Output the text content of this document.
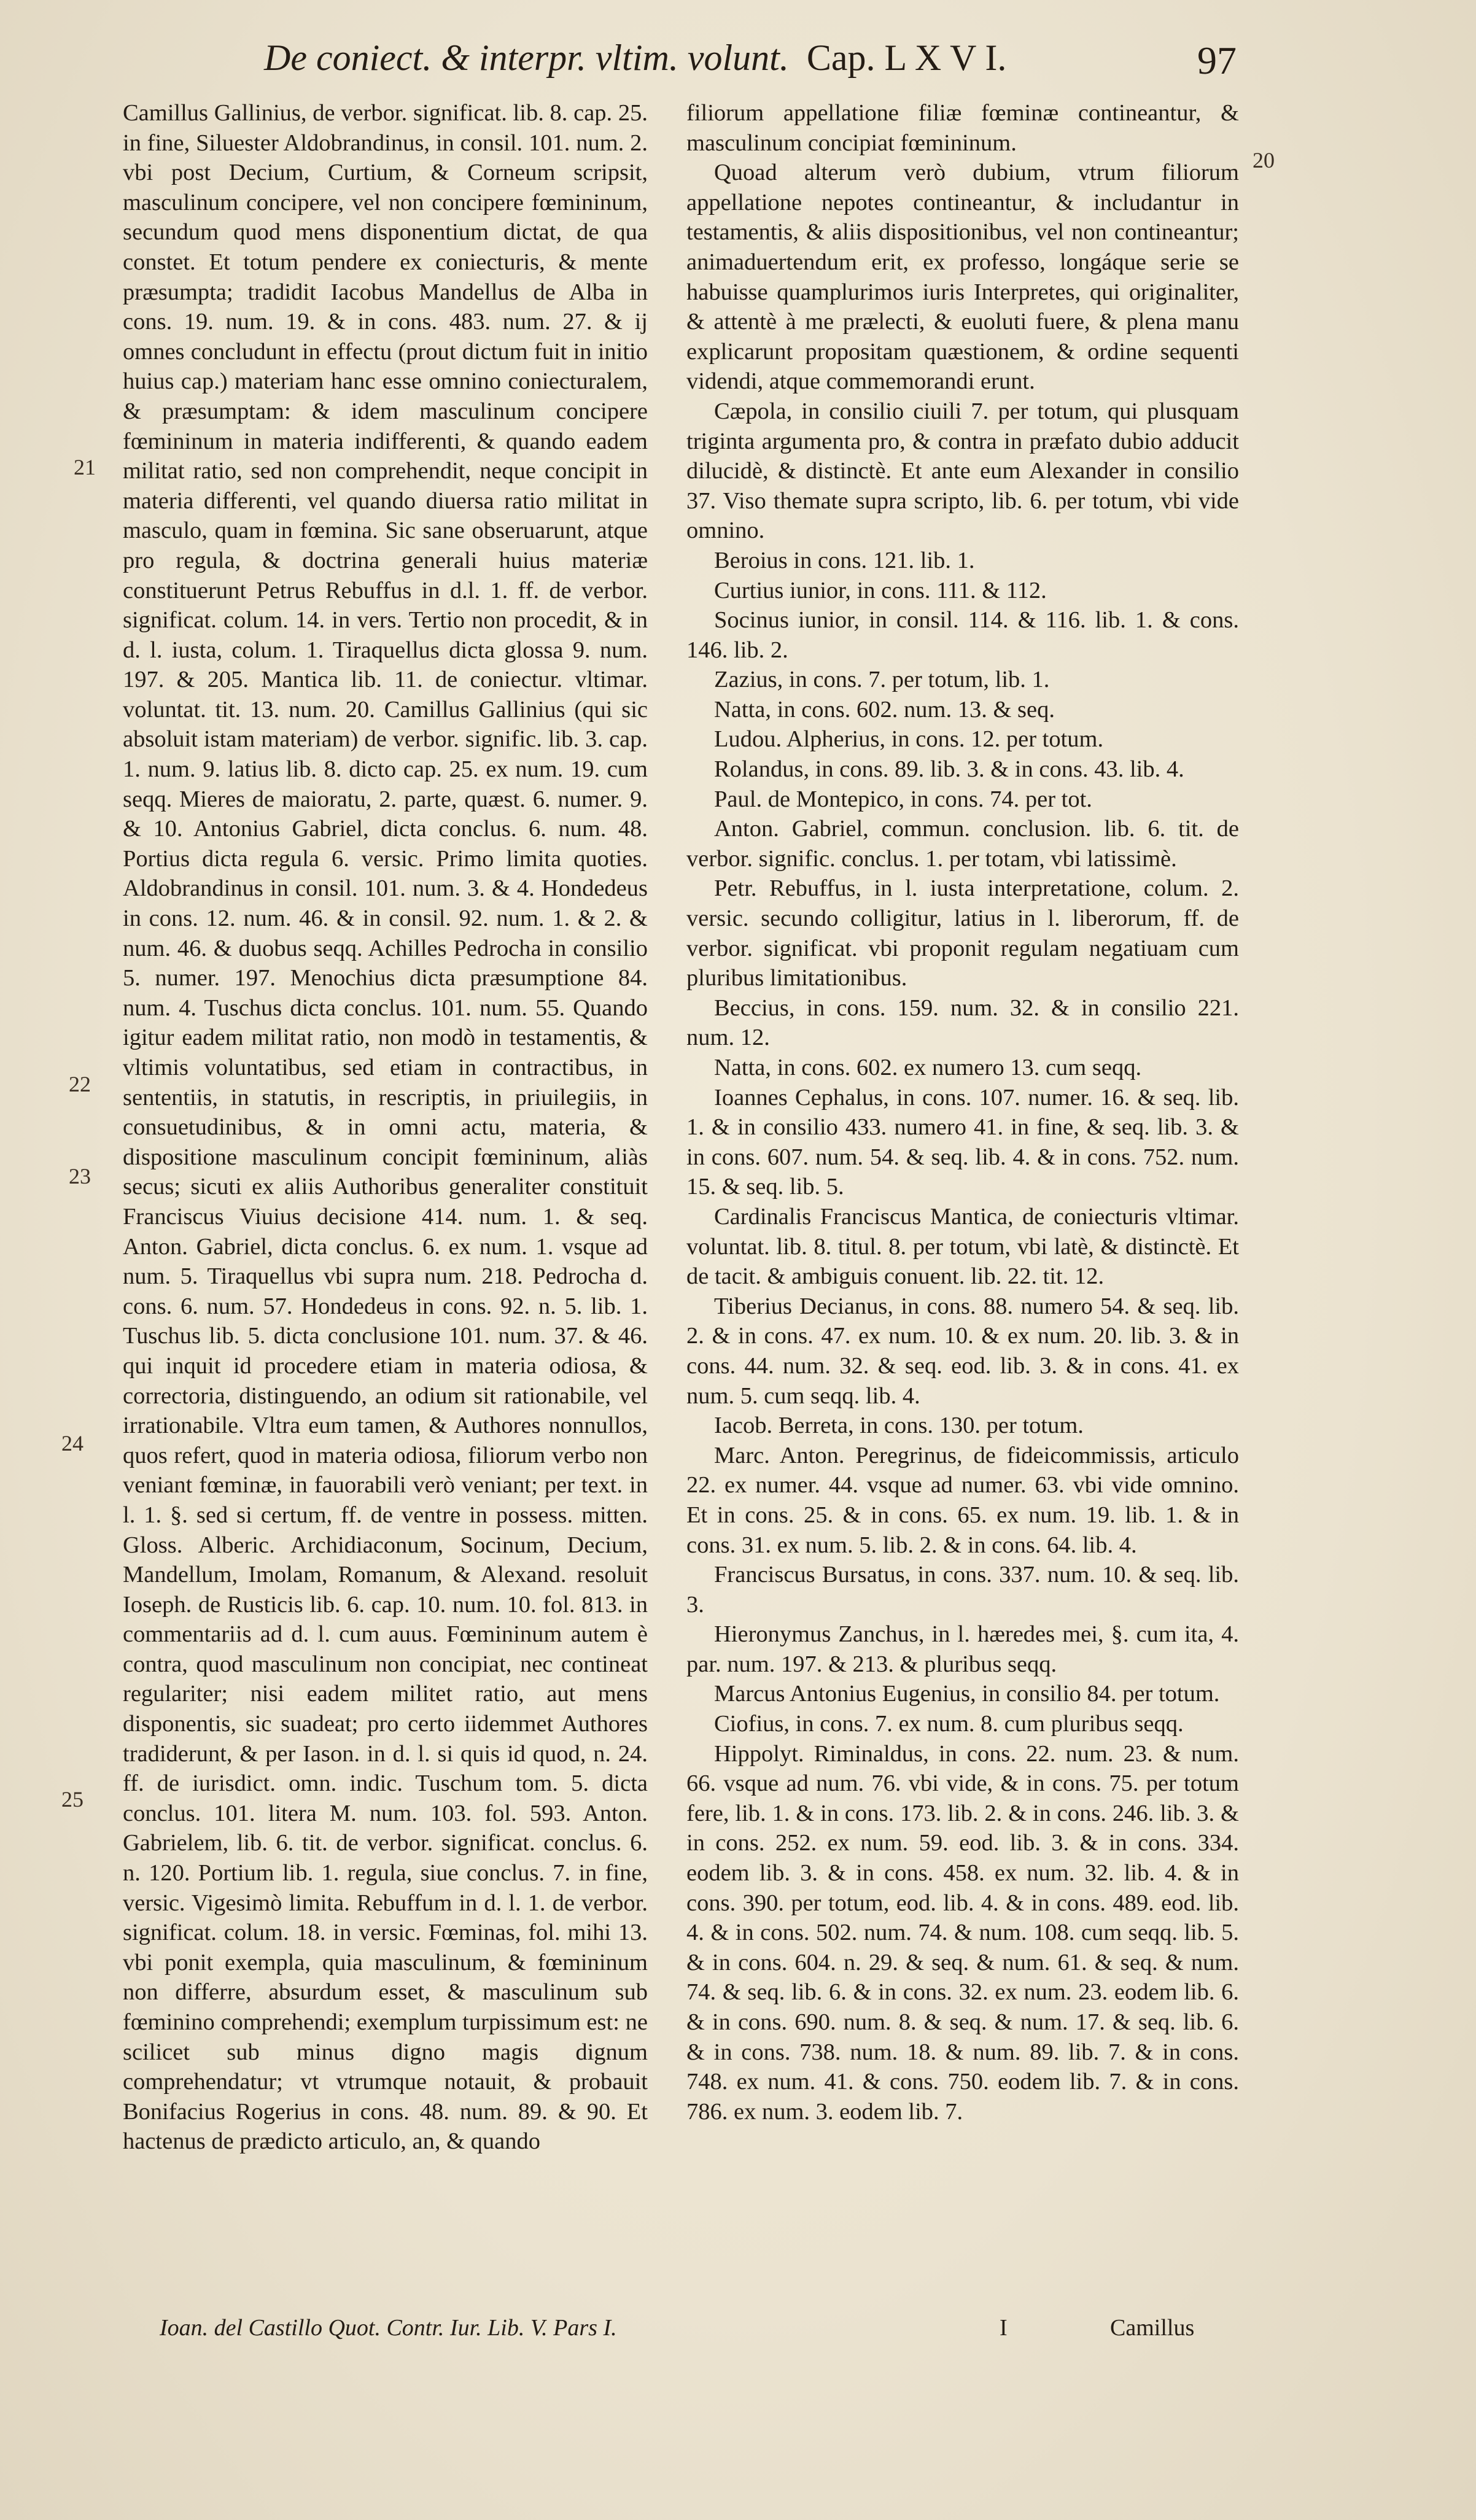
De coniect. & interpr. vltim. volunt. Cap. L X V I.	97
20
21
22
23
24
25

Camillus Gallinius, de verbor. significat. lib. 8. cap. 25. in fine, Siluester Aldobrandinus, in consil. 101. num. 2. vbi post Decium, Curtium, & Corneum scripsit, masculinum concipere, vel non concipere fœmininum, secundum quod mens disponentium dictat, de qua constet. Et totum pendere ex coniecturis, & mente præsumpta; tradidit Iacobus Mandellus de Alba in cons. 19. num. 19. & in cons. 483. num. 27. & ij omnes concludunt in effectu (prout dictum fuit in initio huius cap.) materiam hanc esse omnino coniecturalem, & præsumptam: & idem masculinum concipere fœmininum in materia indifferenti, & quando eadem militat ratio, sed non comprehendit, neque concipit in materia differenti, vel quando diuersa ratio militat in masculo, quam in fœmina. Sic sane obseruarunt, atque pro regula, & doctrina generali huius materiæ constituerunt Petrus Rebuffus in d.l. 1. ff. de verbor. significat. colum. 14. in vers. Tertio non procedit, & in d. l. iusta, colum. 1. Tiraquellus dicta glossa 9. num. 197. & 205. Mantica lib. 11. de coniectur. vltimar. voluntat. tit. 13. num. 20. Camillus Gallinius (qui sic absoluit istam materiam) de verbor. signific. lib. 3. cap. 1. num. 9. latius lib. 8. dicto cap. 25. ex num. 19. cum seqq. Mieres de maioratu, 2. parte, quæst. 6. numer. 9. & 10. Antonius Gabriel, dicta conclus. 6. num. 48. Portius dicta regula 6. versic. Primo limita quoties. Aldobrandinus in consil. 101. num. 3. & 4. Hondedeus in cons. 12. num. 46. & in consil. 92. num. 1. & 2. & num. 46. & duobus seqq. Achilles Pedrocha in consilio 5. numer. 197. Menochius dicta præsumptione 84. num. 4. Tuschus dicta conclus. 101. num. 55. Quando igitur eadem militat ratio, non modò in testamentis, & vltimis voluntatibus, sed etiam in contractibus, in sententiis, in statutis, in rescriptis, in priuilegiis, in consuetudinibus, & in omni actu, materia, & dispositione masculinum concipit fœmininum, aliàs secus; sicuti ex aliis Authoribus generaliter constituit Franciscus Viuius decisione 414. num. 1. & seq. Anton. Gabriel, dicta conclus. 6. ex num. 1. vsque ad num. 5. Tiraquellus vbi supra num. 218. Pedrocha d. cons. 6. num. 57. Hondedeus in cons. 92. n. 5. lib. 1. Tuschus lib. 5. dicta conclusione 101. num. 37. & 46. qui inquit id procedere etiam in materia odiosa, & correctoria, distinguendo, an odium sit rationabile, vel irrationabile. Vltra eum tamen, & Authores nonnullos, quos refert, quod in materia odiosa, filiorum verbo non veniant fœminæ, in fauorabili verò veniant; per text. in l. 1. §. sed si certum, ff. de ventre in possess. mitten. Gloss. Alberic. Archidiaconum, Socinum, Decium, Mandellum, Imolam, Romanum, & Alexand. resoluit Ioseph. de Rusticis lib. 6. cap. 10. num. 10. fol. 813. in commentariis ad d. l. cum auus. Fœmininum autem è contra, quod masculinum non concipiat, nec contineat regulariter; nisi eadem militet ratio, aut mens disponentis, sic suadeat; pro certo iidemmet Authores tradiderunt, & per Iason. in d. l. si quis id quod, n. 24. ff. de iurisdict. omn. indic. Tuschum tom. 5. dicta conclus. 101. litera M. num. 103. fol. 593. Anton. Gabrielem, lib. 6. tit. de verbor. significat. conclus. 6. n. 120. Portium lib. 1. regula, siue conclus. 7. in fine, versic. Vigesimò limita. Rebuffum in d. l. 1. de verbor. significat. colum. 18. in versic. Fœminas, fol. mihi 13. vbi ponit exempla, quia masculinum, & fœmininum non differre, absurdum esset, & masculinum sub fœminino comprehendi; exemplum turpissimum est: ne scilicet sub minus digno magis dignum comprehendatur; vt vtrumque notauit, & probauit Bonifacius Rogerius in cons. 48. num. 89. & 90. Et hactenus de prædicto articulo, an, & quando

filiorum appellatione filiæ fœminæ contineantur, & masculinum concipiat fœmininum.

Quoad alterum verò dubium, vtrum filiorum appellatione nepotes contineantur, & includantur in testamentis, & aliis dispositionibus, vel non contineantur; animaduertendum erit, ex professo, longáque serie se habuisse quamplurimos iuris Interpretes, qui originaliter, & attentè à me prælecti, & euoluti fuere, & plena manu explicarunt propositam quæstionem, & ordine sequenti videndi, atque commemorandi erunt.

Cæpola, in consilio ciuili 7. per totum, qui plusquam triginta argumenta pro, & contra in præfato dubio adducit dilucidè, & distinctè. Et ante eum Alexander in consilio 37. Viso themate supra scripto, lib. 6. per totum, vbi vide omnino.

Beroius in cons. 121. lib. 1.

Curtius iunior, in cons. 111. & 112.

Socinus iunior, in consil. 114. & 116. lib. 1. & cons. 146. lib. 2.

Zazius, in cons. 7. per totum, lib. 1.

Natta, in cons. 602. num. 13. & seq.

Ludou. Alpherius, in cons. 12. per totum.

Rolandus, in cons. 89. lib. 3. & in cons. 43. lib. 4.

Paul. de Montepico, in cons. 74. per tot.

Anton. Gabriel, commun. conclusion. lib. 6. tit. de verbor. signific. conclus. 1. per totam, vbi latissimè.

Petr. Rebuffus, in l. iusta interpretatione, colum. 2. versic. secundo colligitur, latius in l. liberorum, ff. de verbor. significat. vbi proponit regulam negatiuam cum pluribus limitationibus.

Beccius, in cons. 159. num. 32. & in consilio 221. num. 12.

Natta, in cons. 602. ex numero 13. cum seqq.

Ioannes Cephalus, in cons. 107. numer. 16. & seq. lib. 1. & in consilio 433. numero 41. in fine, & seq. lib. 3. & in cons. 607. num. 54. & seq. lib. 4. & in cons. 752. num. 15. & seq. lib. 5.

Cardinalis Franciscus Mantica, de coniecturis vltimar. voluntat. lib. 8. titul. 8. per totum, vbi latè, & distinctè. Et de tacit. & ambiguis conuent. lib. 22. tit. 12.

Tiberius Decianus, in cons. 88. numero 54. & seq. lib. 2. & in cons. 47. ex num. 10. & ex num. 20. lib. 3. & in cons. 44. num. 32. & seq. eod. lib. 3. & in cons. 41. ex num. 5. cum seqq. lib. 4.

Iacob. Berreta, in cons. 130. per totum.

Marc. Anton. Peregrinus, de fideicommissis, articulo 22. ex numer. 44. vsque ad numer. 63. vbi vide omnino. Et in cons. 25. & in cons. 65. ex num. 19. lib. 1. & in cons. 31. ex num. 5. lib. 2. & in cons. 64. lib. 4.

Franciscus Bursatus, in cons. 337. num. 10. & seq. lib. 3.

Hieronymus Zanchus, in l. hæredes mei, §. cum ita, 4. par. num. 197. & 213. & pluribus seqq.

Marcus Antonius Eugenius, in consilio 84. per totum.

Ciofius, in cons. 7. ex num. 8. cum pluribus seqq.

Hippolyt. Riminaldus, in cons. 22. num. 23. & num. 66. vsque ad num. 76. vbi vide, & in cons. 75. per totum fere, lib. 1. & in cons. 173. lib. 2. & in cons. 246. lib. 3. & in cons. 252. ex num. 59. eod. lib. 3. & in cons. 334. eodem lib. 3. & in cons. 458. ex num. 32. lib. 4. & in cons. 390. per totum, eod. lib. 4. & in cons. 489. eod. lib. 4. & in cons. 502. num. 74. & num. 108. cum seqq. lib. 5. & in cons. 604. n. 29. & seq. & num. 61. & seq. & num. 74. & seq. lib. 6. & in cons. 32. ex num. 23. eodem lib. 6. & in cons. 690. num. 8. & seq. & num. 17. & seq. lib. 6. & in cons. 738. num. 18. & num. 89. lib. 7. & in cons. 748. ex num. 41. & cons. 750. eodem lib. 7. & in cons. 786. ex num. 3. eodem lib. 7.

Ioan. del Castillo Quot. Contr. Iur. Lib. V. Pars I.	I	Camillus
